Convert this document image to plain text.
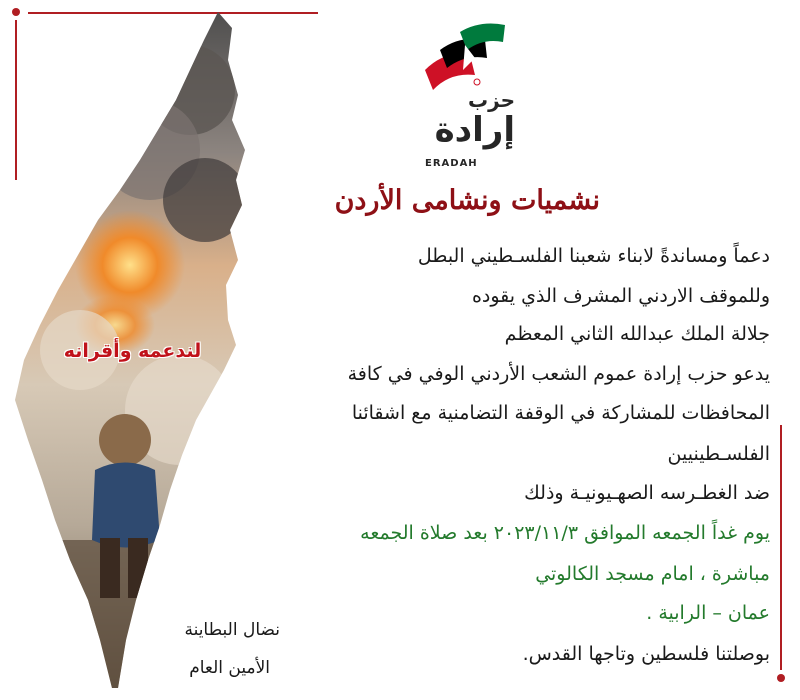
لندعمه وأقرانه
حزب
إرادة
ERADAH
نشميات ونشامى الأردن
دعماً ومساندةً لابناء شعبنا الفلسـطيني البطل
وللموقف الاردني المشرف الذي يقوده
جلالة الملك عبدالله الثاني المعظم
يدعو حزب إرادة عموم الشعب الأردني الوفي في كافة
المحافظات للمشاركة في الوقفة التضامنية مع اشقائنا
الفلسـطينيين
ضد الغطـرسه الصهـيونيـة وذلك
يوم غداً الجمعه الموافق ٢٠٢٣/١١/٣ بعد صلاة الجمعه
مباشرة ، امام مسجد الكالوتي
عمان – الرابية .
بوصلتنا فلسطين وتاجها القدس.
نضال البطاينة
الأمين العام
